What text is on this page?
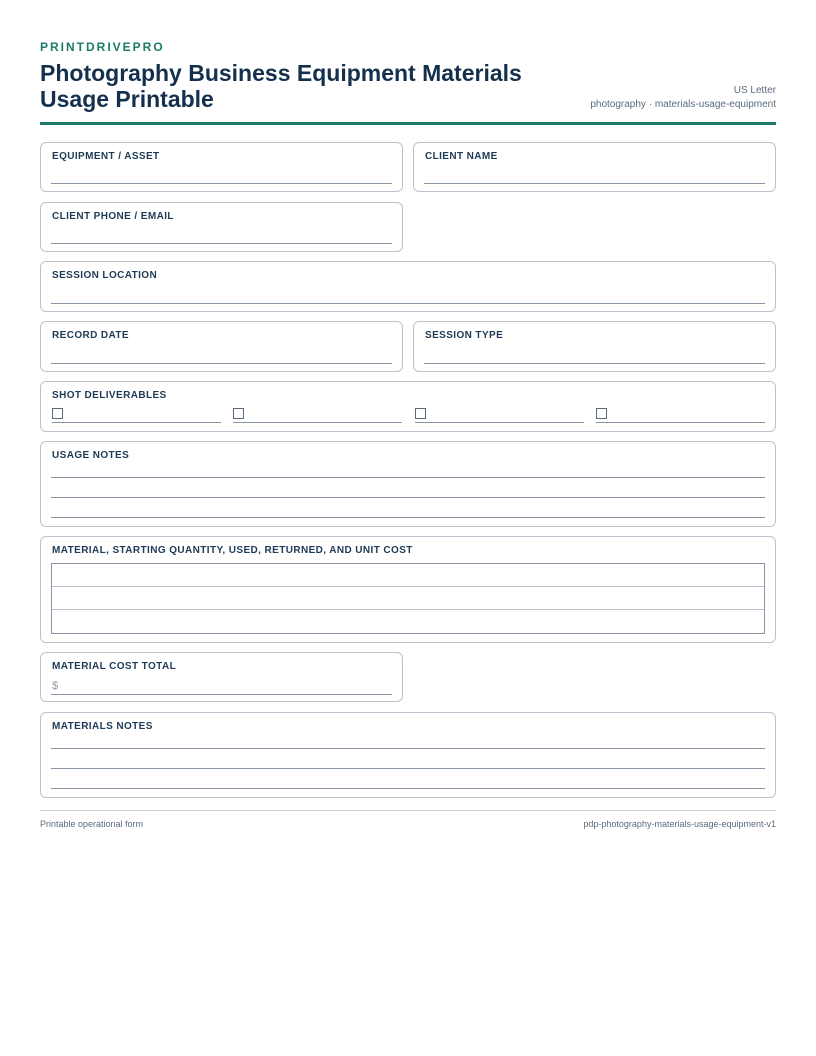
PRINTDRIVEPRO
Photography Business Equipment Materials Usage Printable	US Letter
photography · materials-usage-equipment
EQUIPMENT / ASSET	CLIENT NAME
CLIENT PHONE / EMAIL
SESSION LOCATION
RECORD DATE	SESSION TYPE
SHOT DELIVERABLES
USAGE NOTES
MATERIAL, STARTING QUANTITY, USED, RETURNED, AND UNIT COST
MATERIAL COST TOTAL
$
MATERIALS NOTES
Printable operational form	pdp-photography-materials-usage-equipment-v1
